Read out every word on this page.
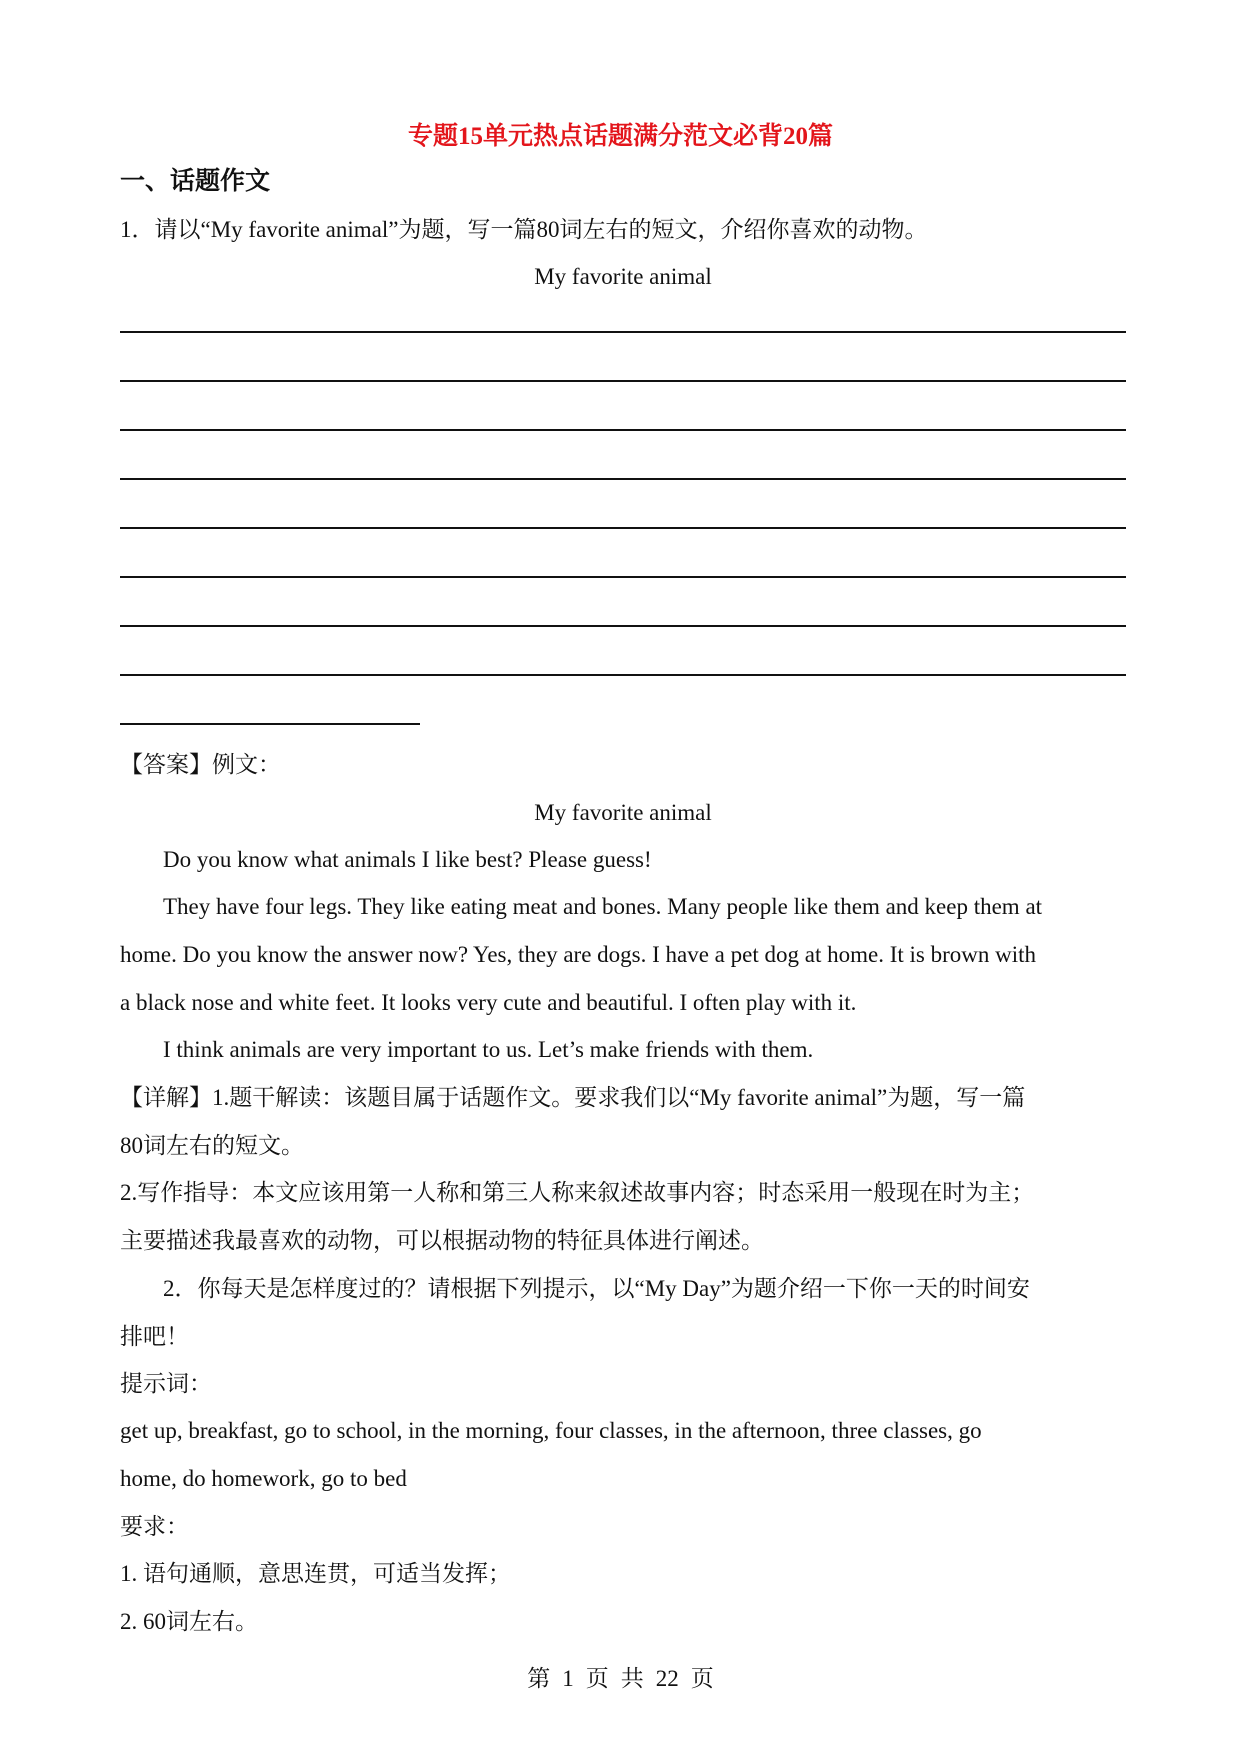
专题15单元热点话题满分范文必背20篇
一、话题作文
1．请以“My favorite animal”为题，写一篇80词左右的短文，介绍你喜欢的动物。
My favorite animal
【答案】例文：
My favorite animal
Do you know what animals I like best? Please guess!
They have four legs. They like eating meat and bones. Many people like them and keep them at
home. Do you know the answer now? Yes, they are dogs. I have a pet dog at home. It is brown with
a black nose and white feet. It looks very cute and beautiful. I often play with it.
I think animals are very important to us. Let’s make friends with them.
【详解】1.题干解读：该题目属于话题作文。要求我们以“My favorite animal”为题，写一篇
80词左右的短文。
2.写作指导：本文应该用第一人称和第三人称来叙述故事内容；时态采用一般现在时为主；
主要描述我最喜欢的动物，可以根据动物的特征具体进行阐述。
2．你每天是怎样度过的？请根据下列提示，以“My Day”为题介绍一下你一天的时间安
排吧！
提示词：
get up, breakfast, go to school, in the morning, four classes, in the afternoon, three classes, go
home, do homework, go to bed
要求：
1. 语句通顺，意思连贯，可适当发挥；
2. 60词左右。
第 1 页 共 22 页
